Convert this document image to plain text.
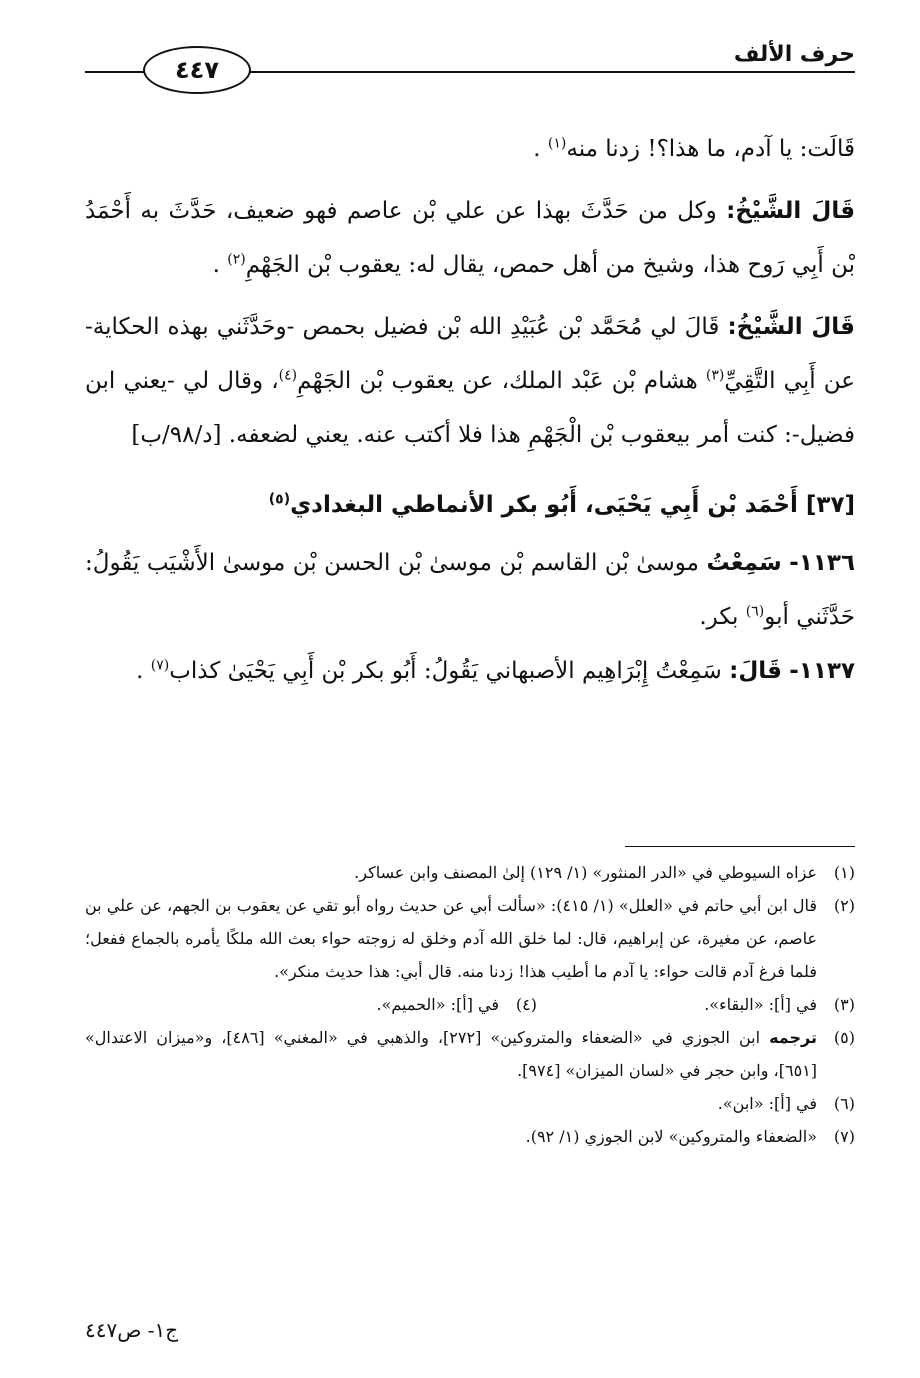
حرف الألف
٤٤٧

قَالَت: يا آدم، ما هذا؟! زدنا منه$^{(١)}$ .

قَالَ الشَّيْخُ: وكل من حَدَّثَ بهذا عن علي بْن عاصم فهو ضعيف، حَدَّثَ به أَحْمَدُ بْن أَبِي رَوح هذا، وشيخ من أهل حمص، يقال له: يعقوب بْن الجَهْمِ$^{(٢)}$ .

قَالَ الشَّيْخُ: قَالَ لي مُحَمَّد بْن عُبَيْدِ الله بْن فضيل بحمص -وحَدَّثَني بهذه الحكاية- عن أَبِي التَّقِيِّ$^{(٣)}$ هشام بْن عَبْد الملك، عن يعقوب بْن الجَهْمِ$^{(٤)}$، وقال لي -يعني ابن فضيل-: كنت أمر بيعقوب بْن الْجَهْمِ هذا فلا أكتب عنه. يعني لضعفه. [د/٩٨/ب]

[٣٧] أَحْمَد بْن أَبِي يَحْيَى، أَبُو بكر الأنماطي البغدادي$^{(٥)}$

١١٣٦- سَمِعْتُ موسىٰ بْن القاسم بْن موسىٰ بْن الحسن بْن موسىٰ الأَشْيَب يَقُولُ: حَدَّثَني أبو$^{(٦)}$ بكر.

١١٣٧- قَالَ: سَمِعْتُ إِبْرَاهِيم الأصبهاني يَقُولُ: أَبُو بكر بْن أَبِي يَحْيَىٰ كذاب$^{(٧)}$ .

(١)
عزاه السيوطي في «الدر المنثور» (١/ ١٢٩) إلىٰ المصنف وابن عساكر.
(٢)
قال ابن أبي حاتم في «العلل» (١/ ٤١٥): «سألت أبي عن حديث رواه أبو تقي عن يعقوب بن الجهم، عن علي بن عاصم، عن مغيرة، عن إبراهيم، قال: لما خلق الله آدم وخلق له زوجته حواء بعث الله ملكًا يأمره بالجماع ففعل؛ فلما فرغ آدم قالت حواء: يا آدم ما أطيب هذا! زدنا منه. قال أبي: هذا حديث منكر».
(٣)
في [أ]: «البقاء».
(٤)
في [أ]: «الحميم».
(٥)
ترجمه ابن الجوزي في «الضعفاء والمتروكين» [٢٧٢]، والذهبي في «المغني» [٤٨٦]، و«ميزان الاعتدال» [٦٥١]، وابن حجر في «لسان الميزان» [٩٧٤].
(٦)
في [أ]: «ابن».
(٧)
«الضعفاء والمتروكين» لابن الجوزي (١/ ٩٢).
ج١- ص٤٤٧
